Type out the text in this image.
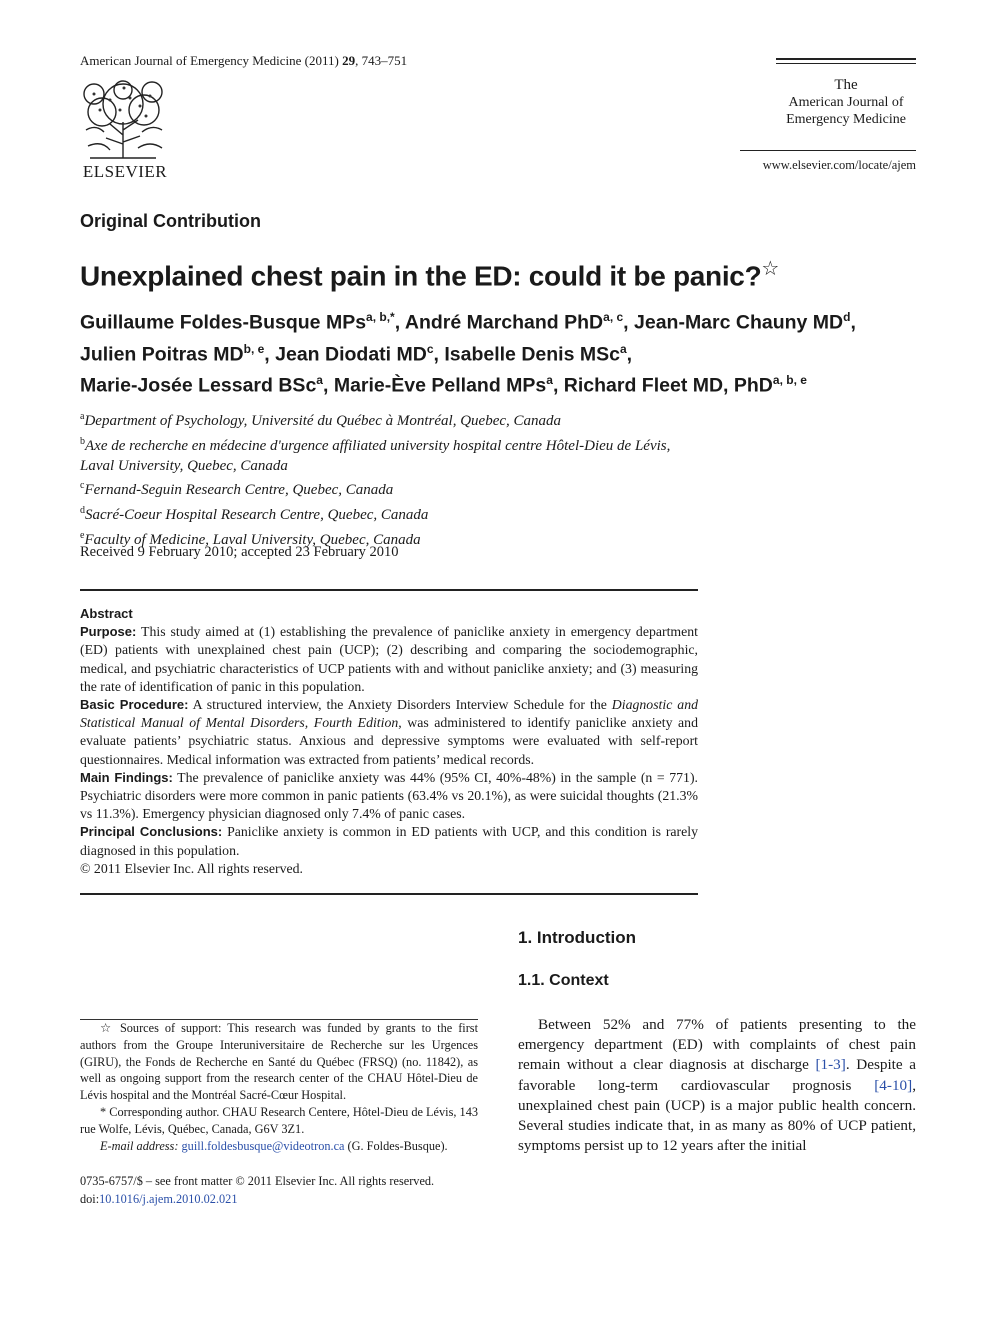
American Journal of Emergency Medicine (2011) 29, 743–751
ELSEVIER
The
American Journal of
Emergency Medicine
www.elsevier.com/locate/ajem
Original Contribution
Unexplained chest pain in the ED: could it be panic?☆
Guillaume Foldes-Busque MPs$^{a, b,*}$, André Marchand PhD$^{a, c}$, Jean-Marc Chauny $MD^d$,
Julien Poitras MD$^{b, e}$, Jean Diodati $MD^c$, Isabelle Denis MSc$^a$,
Marie-Josée Lessard BSc$^a$, Marie-Ève Pelland MPs$^a$, Richard Fleet MD, PhD$^{a, b, e}$
$^a$Department of Psychology, Université du Québec à Montréal, Quebec, Canada
$^b$Axe de recherche en médecine d'urgence affiliated university hospital centre Hôtel-Dieu de Lévis,
Laval University, Quebec, Canada
$^c$Fernand-Seguin Research Centre, Quebec, Canada
$^d$Sacré-Coeur Hospital Research Centre, Quebec, Canada
$^e$Faculty of Medicine, Laval University, Quebec, Canada
Received 9 February 2010; accepted 23 February 2010

Abstract

Purpose: This study aimed at (1) establishing the prevalence of paniclike anxiety in emergency department (ED) patients with unexplained chest pain (UCP); (2) describing and comparing the sociodemographic, medical, and psychiatric characteristics of UCP patients with and without paniclike anxiety; and (3) measuring the rate of identification of panic in this population.

Basic Procedure: A structured interview, the Anxiety Disorders Interview Schedule for the Diagnostic and Statistical Manual of Mental Disorders, Fourth Edition, was administered to identify paniclike anxiety and evaluate patients’ psychiatric status. Anxious and depressive symptoms were evaluated with self-report questionnaires. Medical information was extracted from patients’ medical records.

Main Findings: The prevalence of paniclike anxiety was 44% (95% CI, 40%-48%) in the sample (n = 771). Psychiatric disorders were more common in panic patients (63.4% vs 20.1%), as were suicidal thoughts (21.3% vs 11.3%). Emergency physician diagnosed only 7.4% of panic cases.

Principal Conclusions: Paniclike anxiety is common in ED patients with UCP, and this condition is rarely diagnosed in this population.

© 2011 Elsevier Inc. All rights reserved.

1. Introduction
1.1. Context
Between 52% and 77% of patients presenting to the emergency department (ED) with complaints of chest pain remain without a clear diagnosis at discharge [1-3]. Despite a favorable long-term cardiovascular prognosis [4-10], unexplained chest pain (UCP) is a major public health concern. Several studies indicate that, in as many as 80% of UCP patient, symptoms persist up to 12 years after the initial

☆ Sources of support: This research was funded by grants to the first authors from the Groupe Interuniversitaire de Recherche sur les Urgences (GIRU), the Fonds de Recherche en Santé du Québec (FRSQ) (no. 11842), as well as ongoing support from the research center of the CHAU Hôtel-Dieu de Lévis hospital and the Montréal Sacré-Cœur Hospital.

* Corresponding author. CHAU Research Centere, Hôtel-Dieu de Lévis, 143 rue Wolfe, Lévis, Québec, Canada, G6V 3Z1.

E-mail address: guill.foldesbusque@videotron.ca (G. Foldes-Busque).

0735-6757/$ – see front matter © 2011 Elsevier Inc. All rights reserved.
doi:10.1016/j.ajem.2010.02.021
